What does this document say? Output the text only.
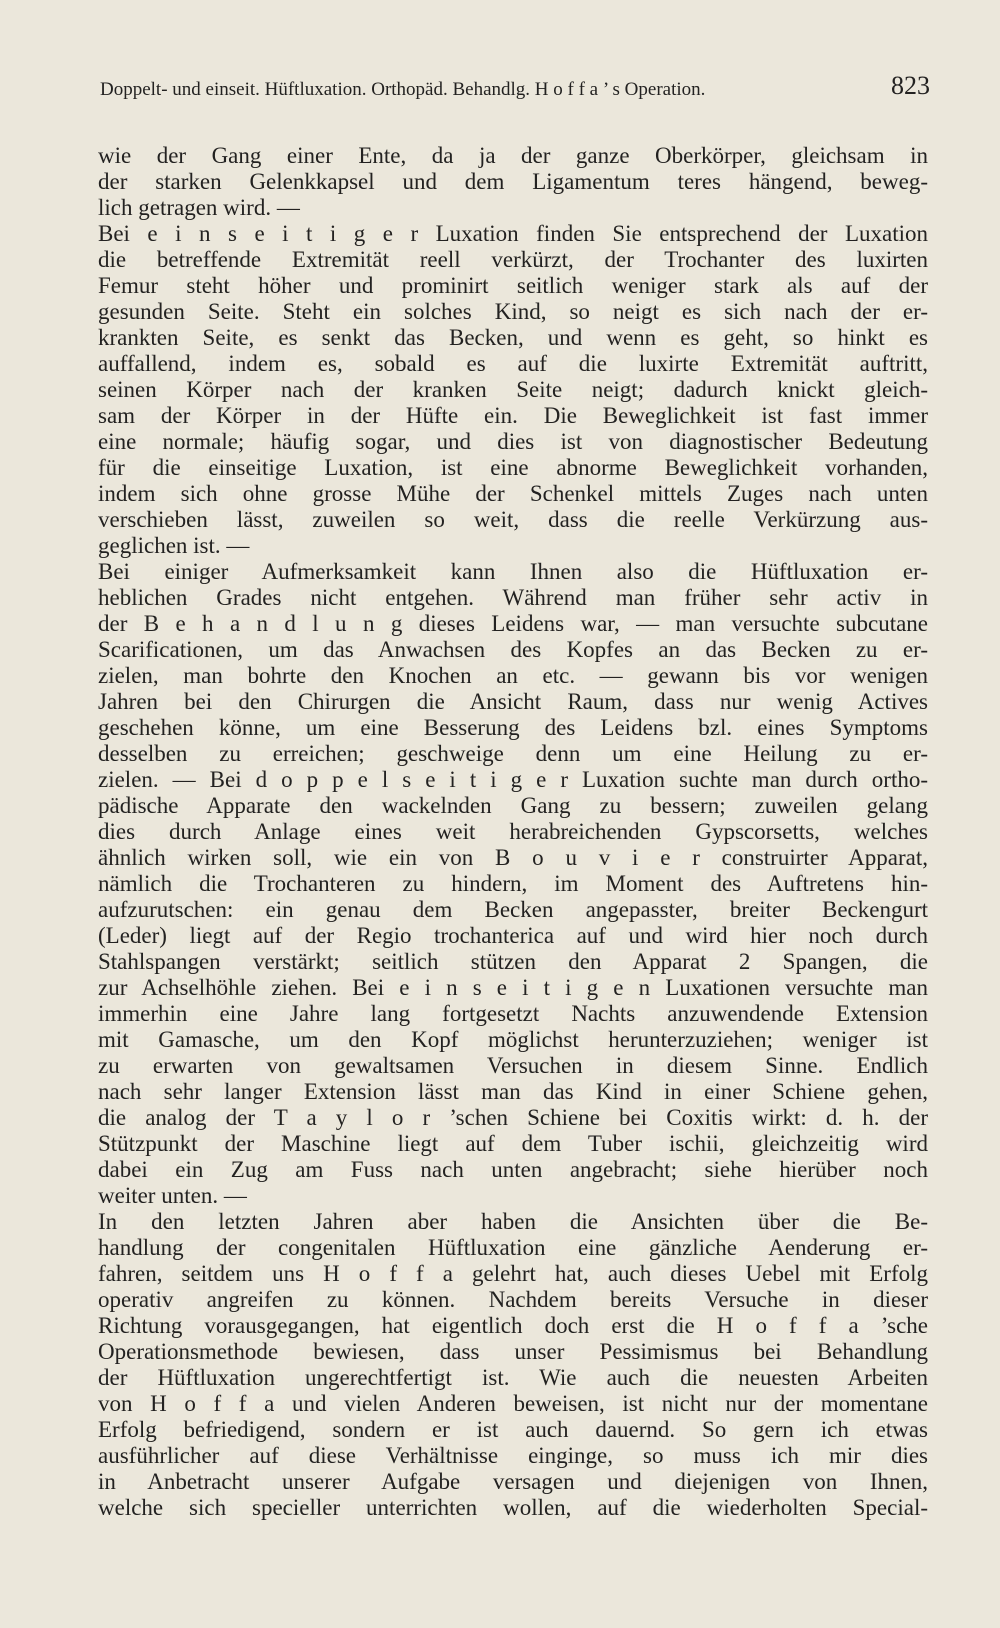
Doppelt- und einseit. Hüftluxation. Orthopäd. Behandlg. H o f f a ’ s Operation.	823
wie der Gang einer Ente, da ja der ganze Oberkörper, gleichsam in
der starken Gelenkkapsel und dem Ligamentum teres hängend, beweg-
lich getragen wird. —
Bei e i n s e i t i g e r Luxation finden Sie entsprechend der Luxation
die betreffende Extremität reell verkürzt, der Trochanter des luxirten
Femur steht höher und prominirt seitlich weniger stark als auf der
gesunden Seite. Steht ein solches Kind, so neigt es sich nach der er-
krankten Seite, es senkt das Becken, und wenn es geht, so hinkt es
auffallend, indem es, sobald es auf die luxirte Extremität auftritt,
seinen Körper nach der kranken Seite neigt; dadurch knickt gleich-
sam der Körper in der Hüfte ein. Die Beweglichkeit ist fast immer
eine normale; häufig sogar, und dies ist von diagnostischer Bedeutung
für die einseitige Luxation, ist eine abnorme Beweglichkeit vorhanden,
indem sich ohne grosse Mühe der Schenkel mittels Zuges nach unten
verschieben lässt, zuweilen so weit, dass die reelle Verkürzung aus-
geglichen ist. —
Bei einiger Aufmerksamkeit kann Ihnen also die Hüftluxation er-
heblichen Grades nicht entgehen. Während man früher sehr activ in
der B e h a n d l u n g dieses Leidens war, — man versuchte subcutane
Scarificationen, um das Anwachsen des Kopfes an das Becken zu er-
zielen, man bohrte den Knochen an etc. — gewann bis vor wenigen
Jahren bei den Chirurgen die Ansicht Raum, dass nur wenig Actives
geschehen könne, um eine Besserung des Leidens bzl. eines Symptoms
desselben zu erreichen; geschweige denn um eine Heilung zu er-
zielen. — Bei d o p p e l s e i t i g e r Luxation suchte man durch ortho-
pädische Apparate den wackelnden Gang zu bessern; zuweilen gelang
dies durch Anlage eines weit herabreichenden Gypscorsetts, welches
ähnlich wirken soll, wie ein von B o u v i e r construirter Apparat,
nämlich die Trochanteren zu hindern, im Moment des Auftretens hin-
aufzurutschen: ein genau dem Becken angepasster, breiter Beckengurt
(Leder) liegt auf der Regio trochanterica auf und wird hier noch durch
Stahlspangen verstärkt; seitlich stützen den Apparat 2 Spangen, die
zur Achselhöhle ziehen. Bei e i n s e i t i g e n Luxationen versuchte man
immerhin eine Jahre lang fortgesetzt Nachts anzuwendende Extension
mit Gamasche, um den Kopf möglichst herunterzuziehen; weniger ist
zu erwarten von gewaltsamen Versuchen in diesem Sinne. Endlich
nach sehr langer Extension lässt man das Kind in einer Schiene gehen,
die analog der T a y l o r ’schen Schiene bei Coxitis wirkt: d. h. der
Stützpunkt der Maschine liegt auf dem Tuber ischii, gleichzeitig wird
dabei ein Zug am Fuss nach unten angebracht; siehe hierüber noch
weiter unten. —
In den letzten Jahren aber haben die Ansichten über die Be-
handlung der congenitalen Hüftluxation eine gänzliche Aenderung er-
fahren, seitdem uns H o f f a gelehrt hat, auch dieses Uebel mit Erfolg
operativ angreifen zu können. Nachdem bereits Versuche in dieser
Richtung vorausgegangen, hat eigentlich doch erst die H o f f a ’sche
Operationsmethode bewiesen, dass unser Pessimismus bei Behandlung
der Hüftluxation ungerechtfertigt ist. Wie auch die neuesten Arbeiten
von H o f f a und vielen Anderen beweisen, ist nicht nur der momentane
Erfolg befriedigend, sondern er ist auch dauernd. So gern ich etwas
ausführlicher auf diese Verhältnisse einginge, so muss ich mir dies
in Anbetracht unserer Aufgabe versagen und diejenigen von Ihnen,
welche sich specieller unterrichten wollen, auf die wiederholten Special-
